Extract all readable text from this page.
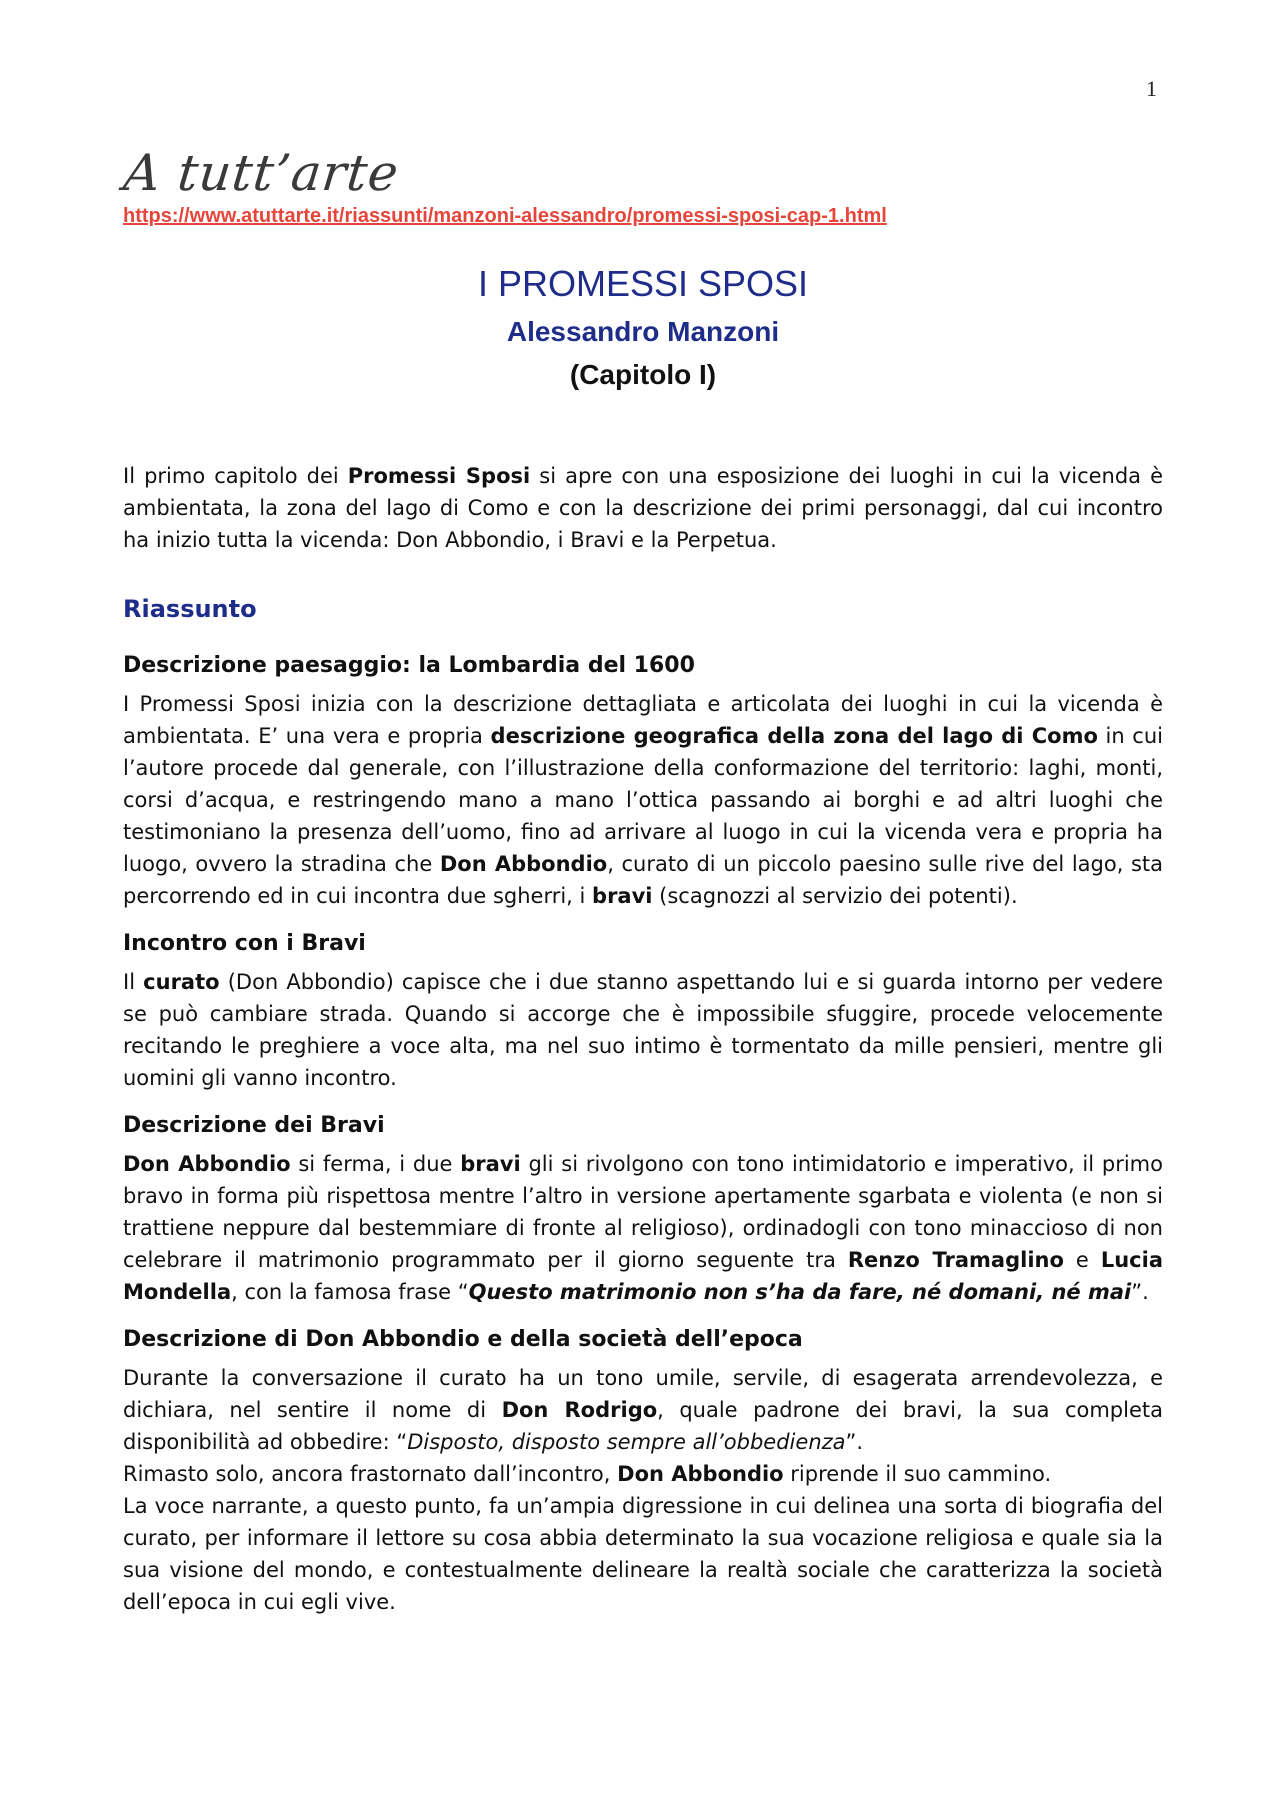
1
A tutt’arte
https://www.atuttarte.it/riassunti/manzoni-alessandro/promessi-sposi-cap-1.html
I PROMESSI SPOSI
Alessandro Manzoni
(Capitolo I)

Il primo capitolo dei Promessi Sposi si apre con una esposizione dei luoghi in cui la vicenda è ambientata, la zona del lago di Como e con la descrizione dei primi personaggi, dal cui incontro ha inizio tutta la vicenda: Don Abbondio, i Bravi e la Perpetua.

Riassunto
Descrizione paesaggio: la Lombardia del 1600

I Promessi Sposi inizia con la descrizione dettagliata e articolata dei luoghi in cui la vicenda è ambientata. E’ una vera e propria descrizione geografica della zona del lago di Como in cui l’autore procede dal generale, con l’illustrazione della conformazione del territorio: laghi, monti, corsi d’acqua, e restringendo mano a mano l’ottica passando ai borghi e ad altri luoghi che testimoniano la presenza dell’uomo, fino ad arrivare al luogo in cui la vicenda vera e propria ha luogo, ovvero la stradina che Don Abbondio, curato di un piccolo paesino sulle rive del lago, sta percorrendo ed in cui incontra due sgherri, i bravi (scagnozzi al servizio dei potenti).

Incontro con i Bravi

Il curato (Don Abbondio) capisce che i due stanno aspettando lui e si guarda intorno per vedere se può cambiare strada. Quando si accorge che è impossibile sfuggire, procede velocemente recitando le preghiere a voce alta, ma nel suo intimo è tormentato da mille pensieri, mentre gli uomini gli vanno incontro.

Descrizione dei Bravi

Don Abbondio si ferma, i due bravi gli si rivolgono con tono intimidatorio e imperativo, il primo bravo in forma più rispettosa mentre l’altro in versione apertamente sgarbata e violenta (e non si trattiene neppure dal bestemmiare di fronte al religioso), ordinadogli con tono minaccioso di non celebrare il matrimonio programmato per il giorno seguente tra Renzo Tramaglino e Lucia Mondella, con la famosa frase “Questo matrimonio non s’ha da fare, né domani, né mai”.

Descrizione di Don Abbondio e della società dell’epoca

Durante la conversazione il curato ha un tono umile, servile, di esagerata arrendevolezza, e dichiara, nel sentire il nome di Don Rodrigo, quale padrone dei bravi, la sua completa disponibilità ad obbedire: “Disposto, disposto sempre all’obbedienza”.

Rimasto solo, ancora frastornato dall’incontro, Don Abbondio riprende il suo cammino.

La voce narrante, a questo punto, fa un’ampia digressione in cui delinea una sorta di biografia del curato, per informare il lettore su cosa abbia determinato la sua vocazione religiosa e quale sia la sua visione del mondo, e contestualmente delineare la realtà sociale che caratterizza la società dell’epoca in cui egli vive.
